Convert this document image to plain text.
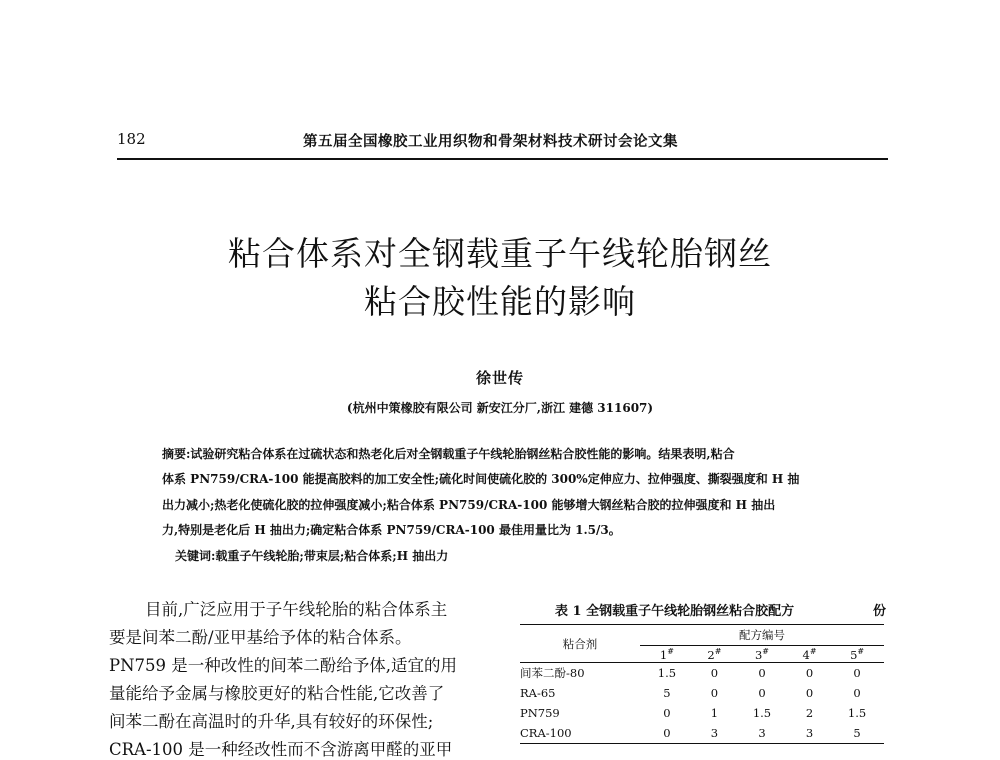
182	第五届全国橡胶工业用织物和骨架材料技术研讨会论文集
粘合体系对全钢载重子午线轮胎钢丝
粘合胶性能的影响
徐世传
(杭州中策橡胶有限公司 新安江分厂,浙江 建德 311607)
摘要:试验研究粘合体系在过硫状态和热老化后对全钢载重子午线轮胎钢丝粘合胶性能的影响。结果表明,粘合
体系 PN759/CRA-100 能提高胶料的加工安全性;硫化时间使硫化胶的 300%定伸应力、拉伸强度、撕裂强度和 H 抽
出力减小;热老化使硫化胶的拉伸强度减小;粘合体系 PN759/CRA-100 能够增大钢丝粘合胶的拉伸强度和 H 抽出
力,特别是老化后 H 抽出力;确定粘合体系 PN759/CRA-100 最佳用量比为 1.5/3。
关键词:载重子午线轮胎;带束层;粘合体系;H 抽出力
目前,广泛应用于子午线轮胎的粘合体系主
要是间苯二酚/亚甲基给予体的粘合体系。
PN759 是一种改性的间苯二酚给予体,适宜的用
量能给予金属与橡胶更好的粘合性能,它改善了
间苯二酚在高温时的升华,具有较好的环保性;
CRA-100 是一种经改性而不含游离甲醛的亚甲
表 1 全钢载重子午线轮胎钢丝粘合胶配方	份
粘合剂	配方编号				
	1#	2#	3#	4#	5#
间苯二酚-80	1.5	0	0	0	0
RA-65	5	0	0	0	0
PN759	0	1	1.5	2	1.5
CRA-100	0	3	3	3	5
